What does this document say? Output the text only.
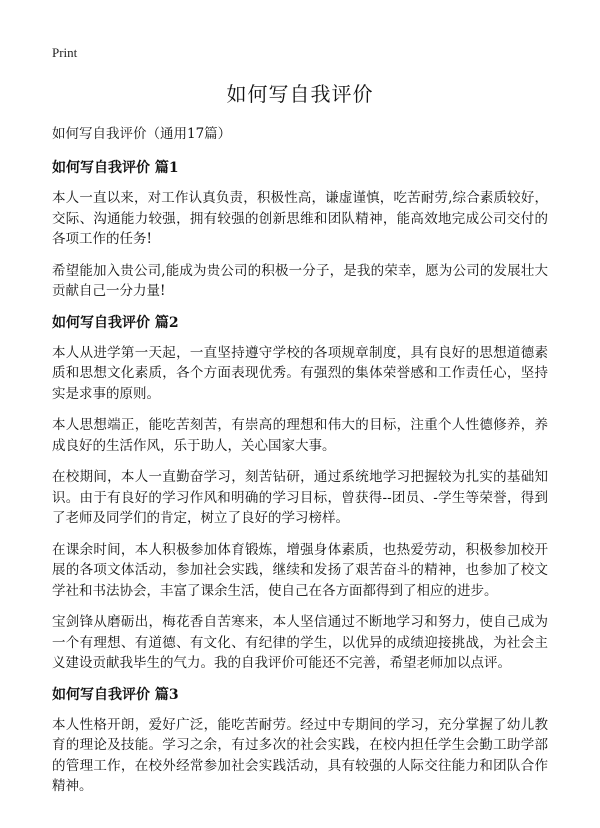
Print

如何写自我评价

如何写自我评价（通用17篇）

如何写自我评价 篇1

本人一直以来，对工作认真负责，积极性高，谦虚谨慎，吃苦耐劳,综合素质较好，交际、沟通能力较强，拥有较强的创新思维和团队精神，能高效地完成公司交付的各项工作的任务!

希望能加入贵公司,能成为贵公司的积极一分子，是我的荣幸，愿为公司的发展壮大贡献自己一分力量!

如何写自我评价 篇2

本人从进学第一天起，一直坚持遵守学校的各项规章制度，具有良好的思想道德素质和思想文化素质，各个方面表现优秀。有强烈的集体荣誉感和工作责任心，坚持实是求事的原则。

本人思想端正，能吃苦刻苦，有崇高的理想和伟大的目标，注重个人性德修养，养成良好的生活作风，乐于助人，关心国家大事。

在校期间，本人一直勤奋学习，刻苦钻研，通过系统地学习把握较为扎实的基础知识。由于有良好的学习作风和明确的学习目标，曾获得--团员、-学生等荣誉，得到了老师及同学们的肯定，树立了良好的学习榜样。

在课余时间，本人积极参加体育锻炼，增强身体素质，也热爱劳动，积极参加校开展的各项文体活动，参加社会实践，继续和发扬了艰苦奋斗的精神，也参加了校文学社和书法协会，丰富了课余生活，使自己在各方面都得到了相应的进步。

宝剑锋从磨砺出，梅花香自苦寒来，本人坚信通过不断地学习和努力，使自己成为一个有理想、有道德、有文化、有纪律的学生，以优异的成绩迎接挑战，为社会主义建设贡献我毕生的气力。我的自我评价可能还不完善，希望老师加以点评。

如何写自我评价 篇3

本人性格开朗，爱好广泛，能吃苦耐劳。经过中专期间的学习，充分掌握了幼儿教育的理论及技能。学习之余，有过多次的社会实践，在校内担任学生会勤工助学部的管理工作，在校外经常参加社会实践活动，具有较强的人际交往能力和团队合作精神。
